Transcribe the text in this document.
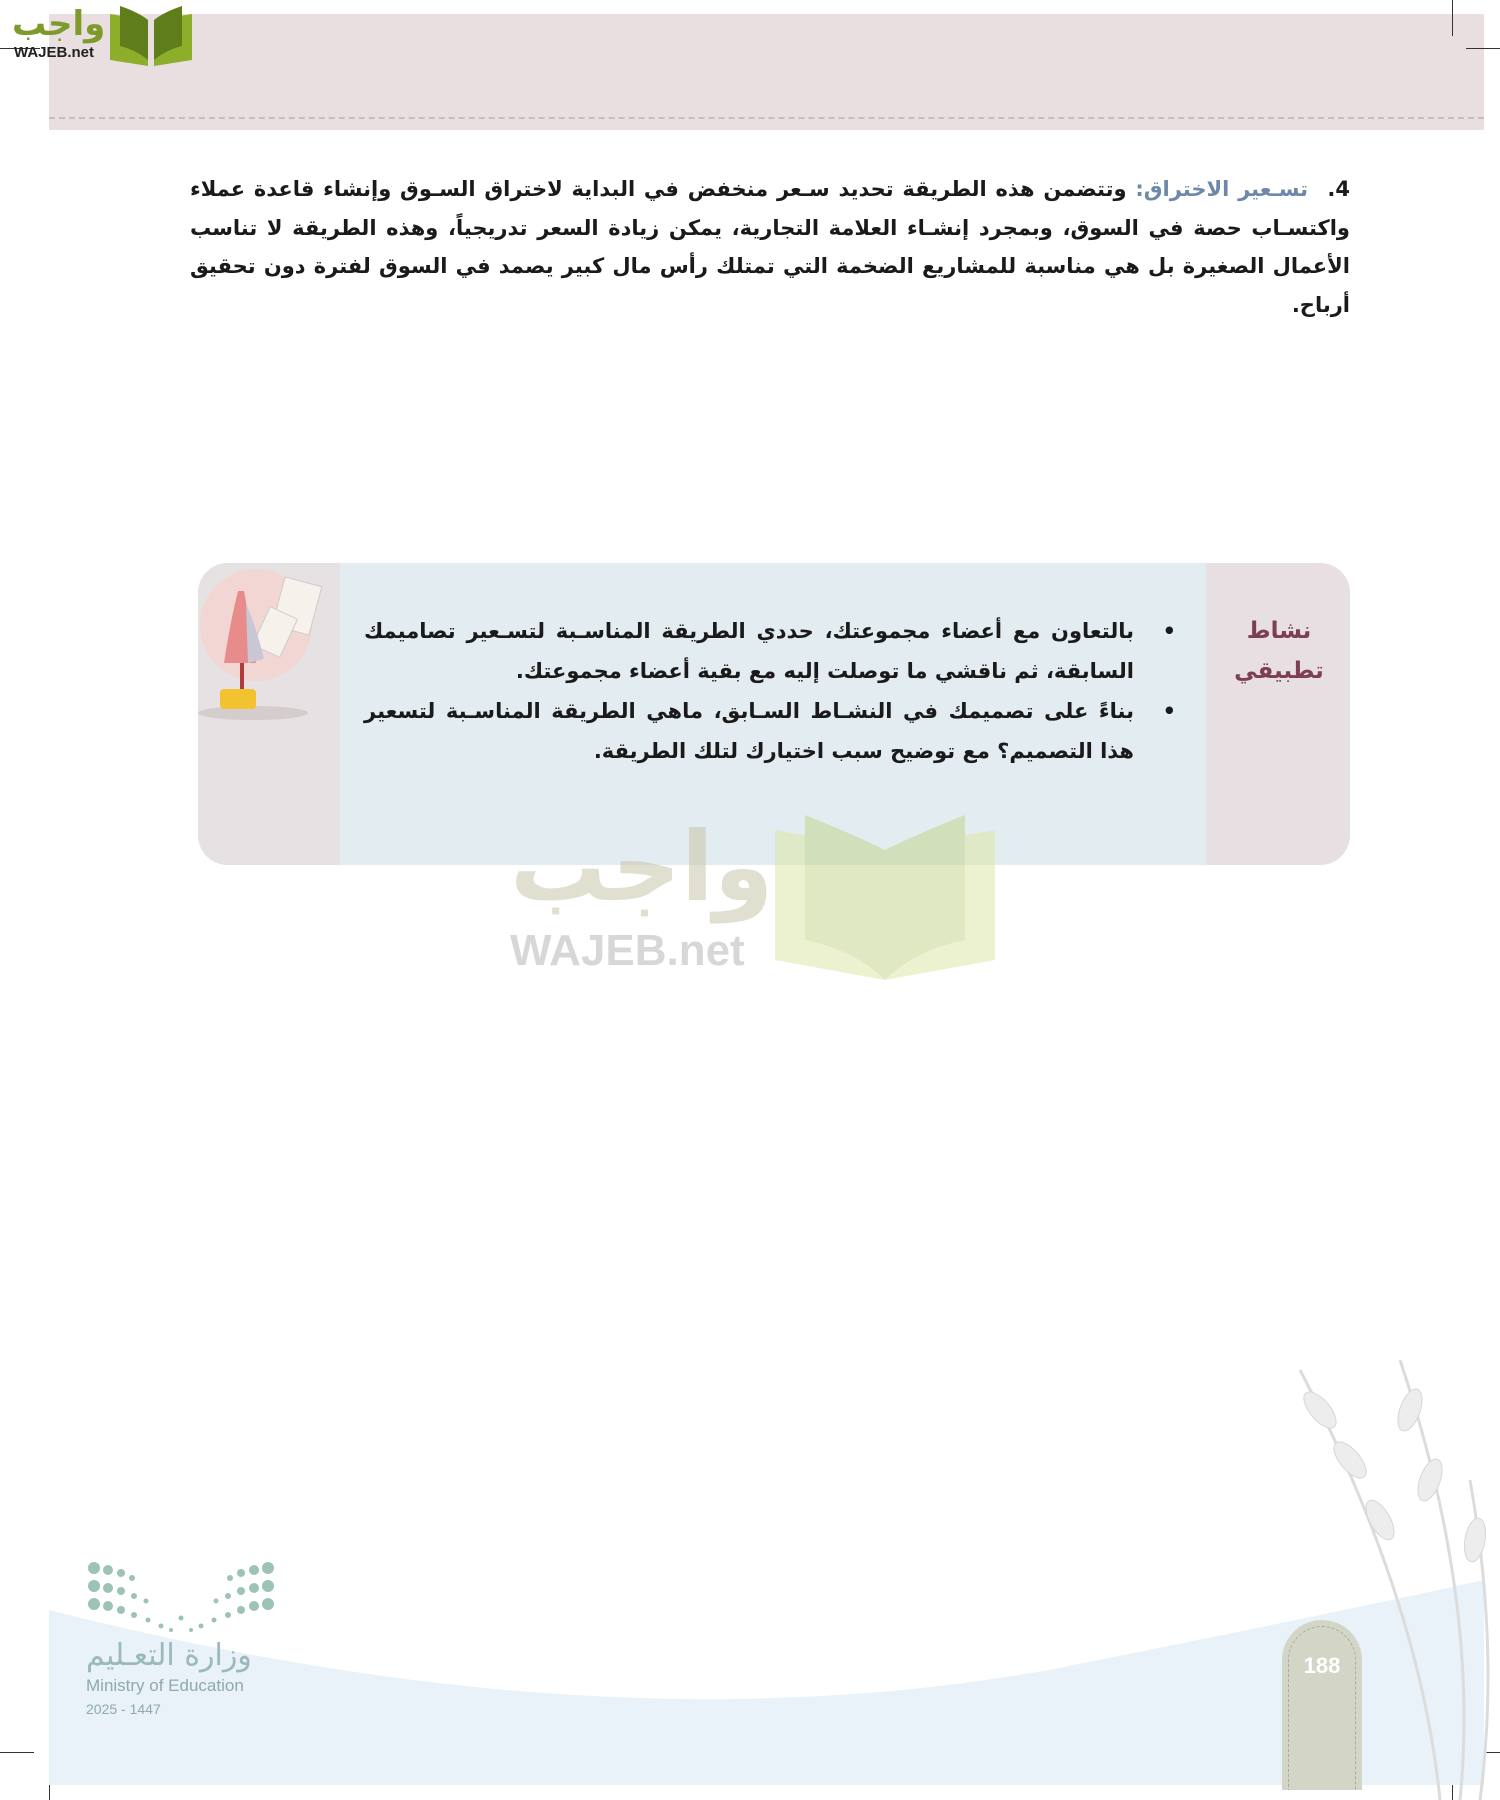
واجب
WAJEB.net
4.تسـعير الاختراق: وتتضمن هذه الطريقة تحديد سـعر منخفض في البداية لاختراق السـوق وإنشاء قاعدة عملاء واكتسـاب حصة في السوق، وبمجرد إنشـاء العلامة التجارية، يمكن زيادة السعر تدريجياً، وهذه الطريقة لا تناسب الأعمال الصغيرة بل هي مناسبة للمشاريع الضخمة التي تمتلك رأس مال كبير يصمد في السوق لفترة دون تحقيق أرباح.
نشاط
تطبيقي
•
بالتعاون مع أعضاء مجموعتك، حددي الطريقة المناسـبة لتسـعير تصاميمك السابقة، ثم ناقشي ما توصلت إليه مع بقية أعضاء مجموعتك.
•
بناءً على تصميمك في النشـاط السـابق، ماهي الطريقة المناسـبة لتسعير هذا التصميم؟ مع توضيح سبب اختيارك لتلك الطريقة.
واجب
WAJEB.net
وزارة التعـليم
Ministry of Education
2025 - 1447
188
